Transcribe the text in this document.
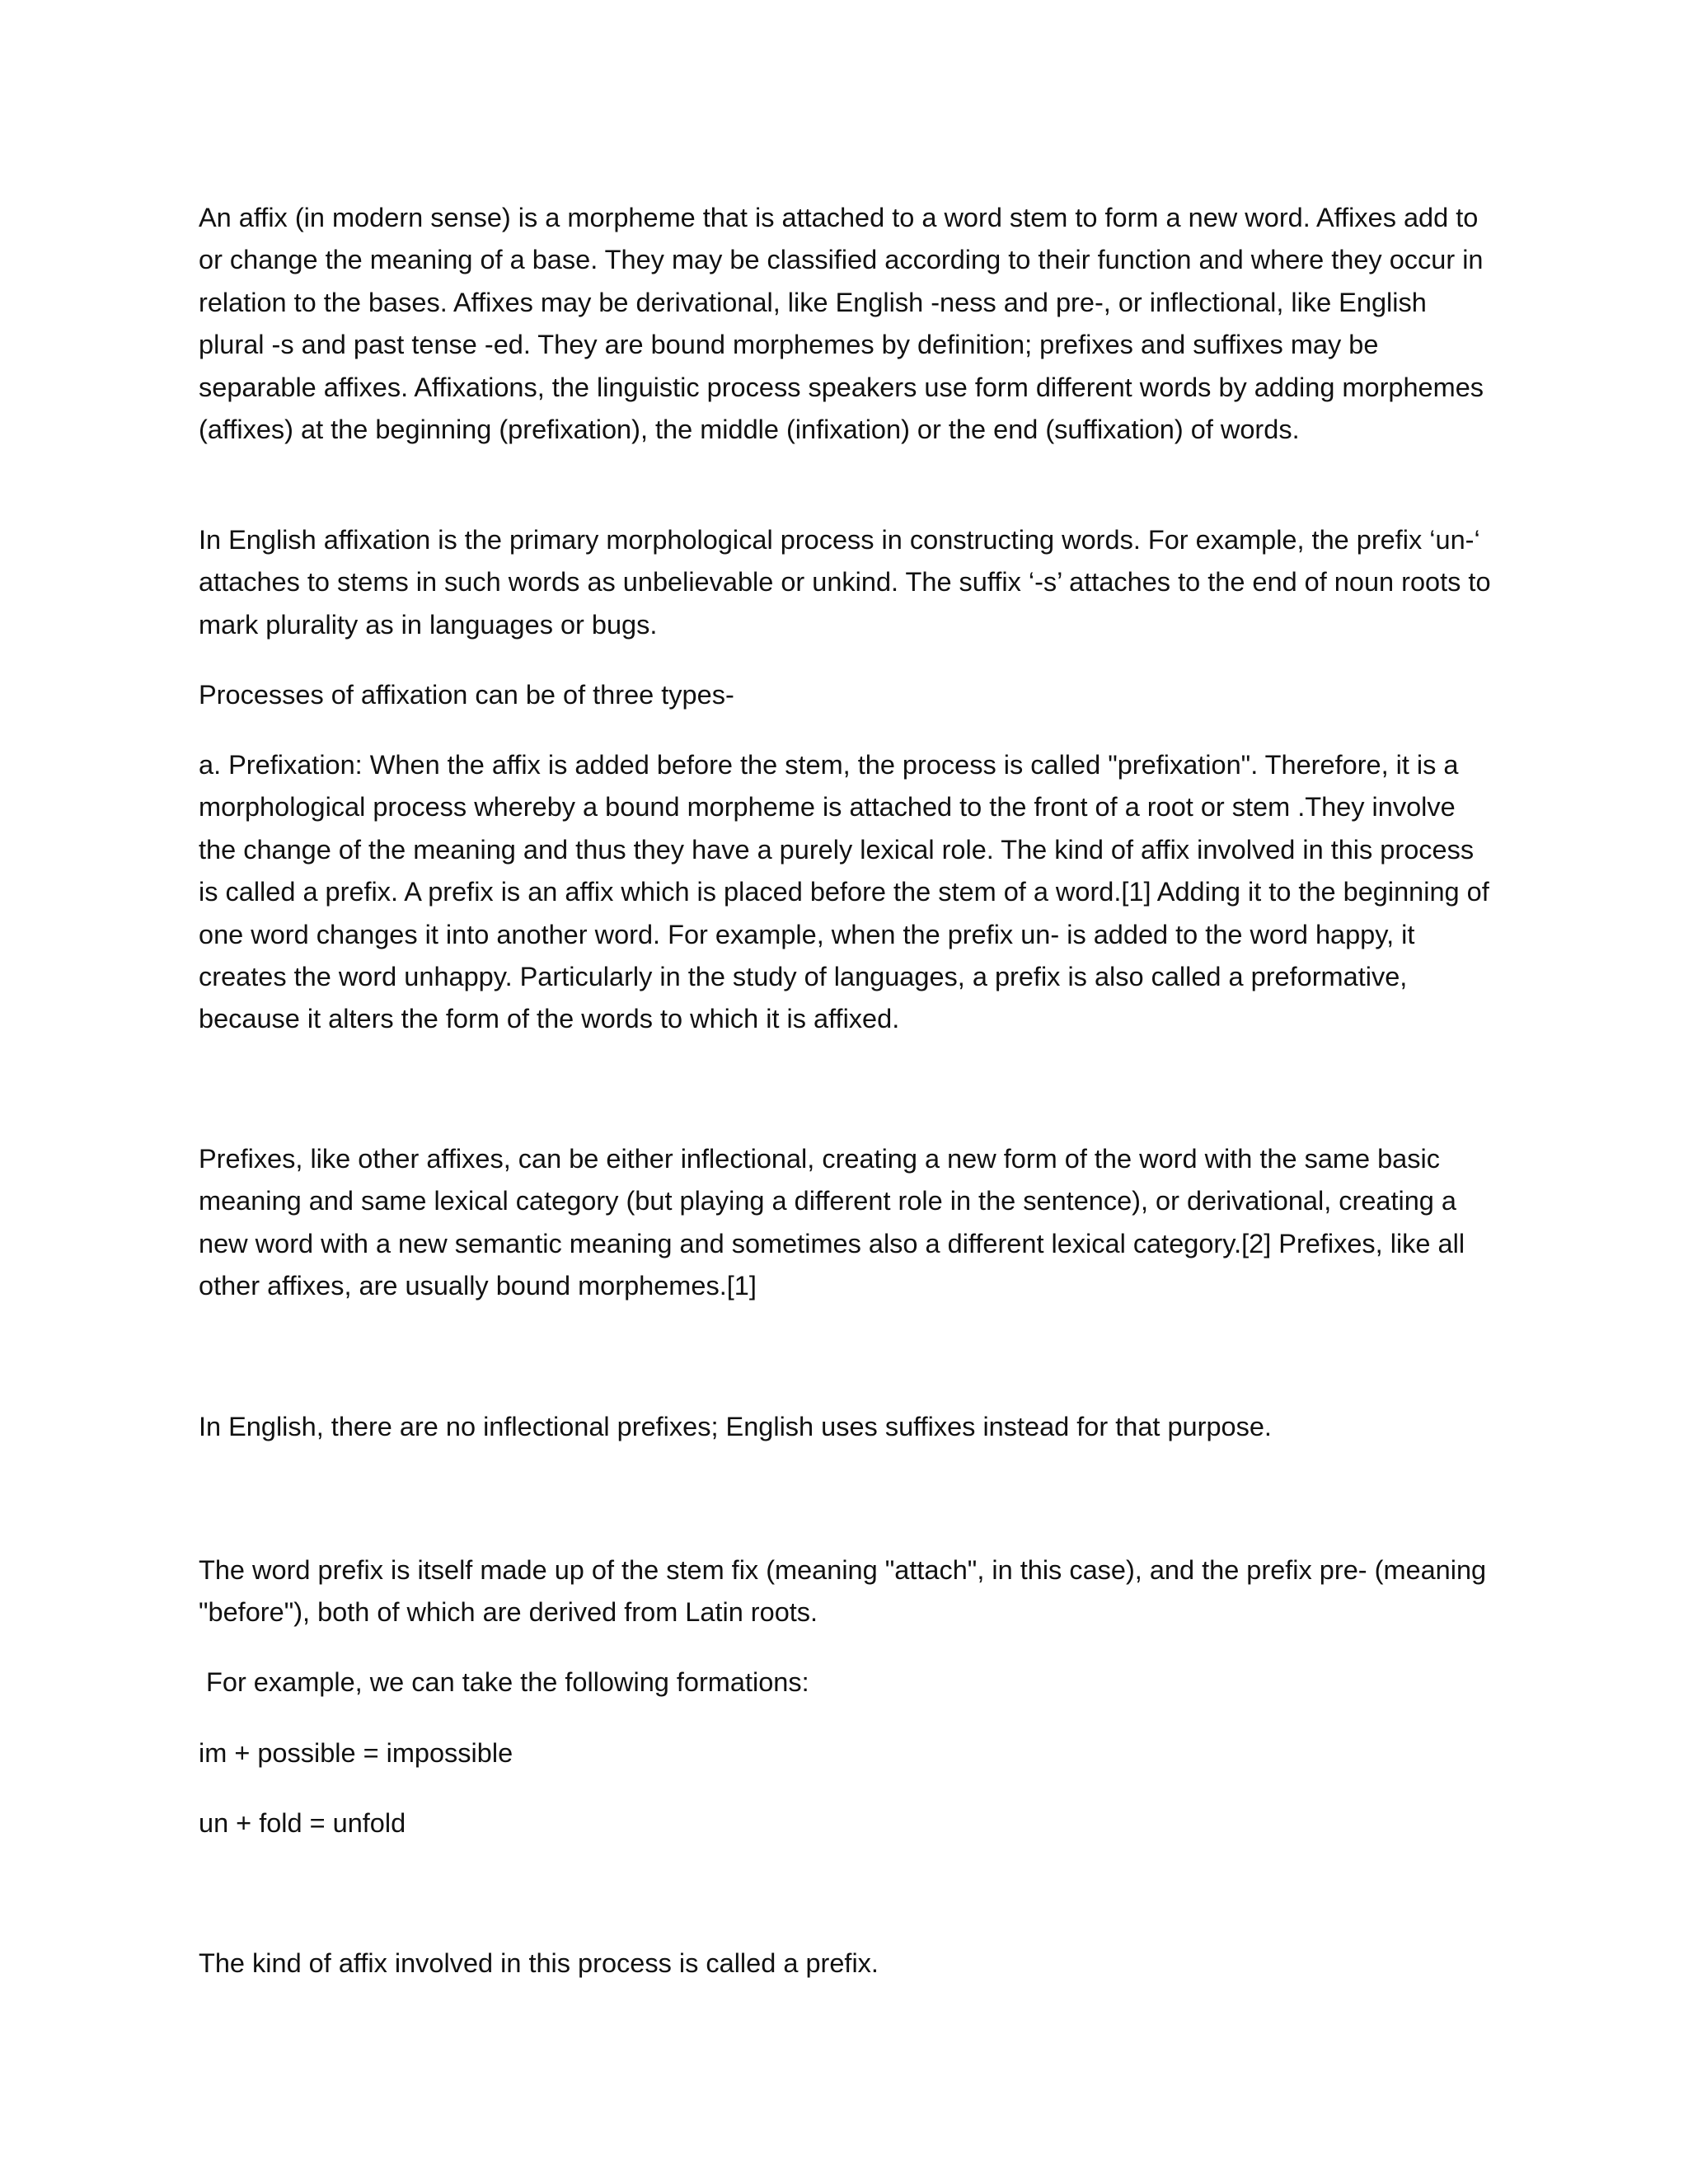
An affix (in modern sense) is a morpheme that is attached to a word stem to form a new word. Affixes add to or change the meaning of a base. They may be classified according to their function and where they occur in relation to the bases. Affixes may be derivational, like English -ness and pre-, or inflectional, like English plural -s and past tense -ed. They are bound morphemes by definition; prefixes and suffixes may be separable affixes. Affixations, the linguistic process speakers use form different words by adding morphemes (affixes) at the beginning (prefixation), the middle (infixation) or the end (suffixation) of words.

In English affixation is the primary morphological process in constructing words. For example, the prefix ‘un-‘ attaches to stems in such words as unbelievable or unkind. The suffix ‘-s’ attaches to the end of noun roots to mark plurality as in languages or bugs.

Processes of affixation can be of three types-

a. Prefixation: When the affix is added before the stem, the process is called "prefixation". Therefore, it is a morphological process whereby a bound morpheme is attached to the front of a root or stem .They involve the change of the meaning and thus they have a purely lexical role. The kind of affix involved in this process is called a prefix. A prefix is an affix which is placed before the stem of a word.[1] Adding it to the beginning of one word changes it into another word. For example, when the prefix un- is added to the word happy, it creates the word unhappy. Particularly in the study of languages, a prefix is also called a preformative, because it alters the form of the words to which it is affixed.

Prefixes, like other affixes, can be either inflectional, creating a new form of the word with the same basic meaning and same lexical category (but playing a different role in the sentence), or derivational, creating a new word with a new semantic meaning and sometimes also a different lexical category.[2] Prefixes, like all other affixes, are usually bound morphemes.[1]

In English, there are no inflectional prefixes; English uses suffixes instead for that purpose.

The word prefix is itself made up of the stem fix (meaning "attach", in this case), and the prefix pre- (meaning "before"), both of which are derived from Latin roots.

For example, we can take the following formations:

im + possible = impossible

un + fold = unfold

The kind of affix involved in this process is called a prefix.
